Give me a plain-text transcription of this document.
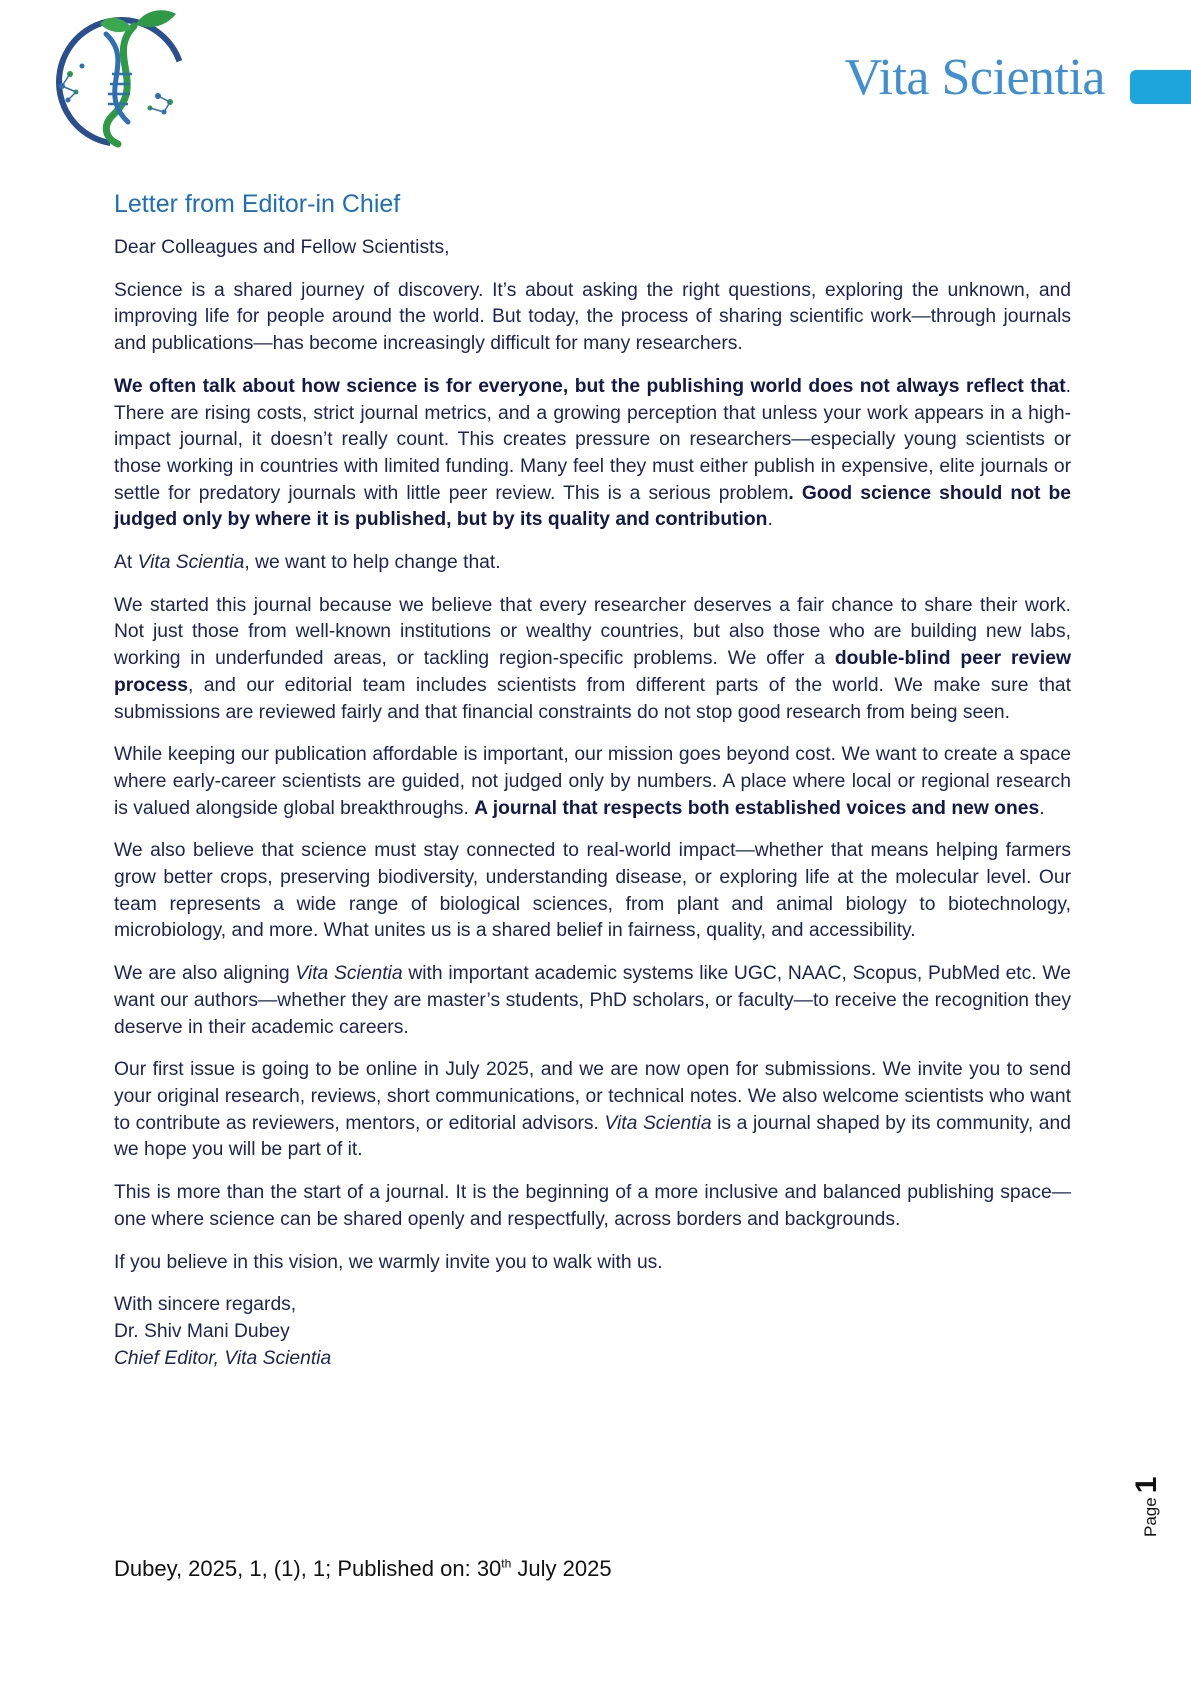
Vita Scientia
Letter from Editor-in Chief

Dear Colleagues and Fellow Scientists,

Science is a shared journey of discovery. It’s about asking the right questions, exploring the unknown, and improving life for people around the world. But today, the process of sharing scientific work—through journals and publications—has become increasingly difficult for many researchers.

We often talk about how science is for everyone, but the publishing world does not always reflect that. There are rising costs, strict journal metrics, and a growing perception that unless your work appears in a high-impact journal, it doesn’t really count. This creates pressure on researchers—especially young scientists or those working in countries with limited funding. Many feel they must either publish in expensive, elite journals or settle for predatory journals with little peer review. This is a serious problem. Good science should not be judged only by where it is published, but by its quality and contribution.

At Vita Scientia, we want to help change that.

We started this journal because we believe that every researcher deserves a fair chance to share their work. Not just those from well-known institutions or wealthy countries, but also those who are building new labs, working in underfunded areas, or tackling region-specific problems. We offer a double-blind peer review process, and our editorial team includes scientists from different parts of the world. We make sure that submissions are reviewed fairly and that financial constraints do not stop good research from being seen.

While keeping our publication affordable is important, our mission goes beyond cost. We want to create a space where early-career scientists are guided, not judged only by numbers. A place where local or regional research is valued alongside global breakthroughs. A journal that respects both established voices and new ones.

We also believe that science must stay connected to real-world impact—whether that means helping farmers grow better crops, preserving biodiversity, understanding disease, or exploring life at the molecular level. Our team represents a wide range of biological sciences, from plant and animal biology to biotechnology, microbiology, and more. What unites us is a shared belief in fairness, quality, and accessibility.

We are also aligning Vita Scientia with important academic systems like UGC, NAAC, Scopus, PubMed etc. We want our authors—whether they are master’s students, PhD scholars, or faculty—to receive the recognition they deserve in their academic careers.

Our first issue is going to be online in July 2025, and we are now open for submissions. We invite you to send your original research, reviews, short communications, or technical notes. We also welcome scientists who want to contribute as reviewers, mentors, or editorial advisors. Vita Scientia is a journal shaped by its community, and we hope you will be part of it.

This is more than the start of a journal. It is the beginning of a more inclusive and balanced publishing space—one where science can be shared openly and respectfully, across borders and backgrounds.

If you believe in this vision, we warmly invite you to walk with us.

With sincere regards,
Dr. Shiv Mani Dubey
Chief Editor, Vita Scientia
Page
1
Dubey, 2025, 1, (1), 1; Published on: 30th July 2025
